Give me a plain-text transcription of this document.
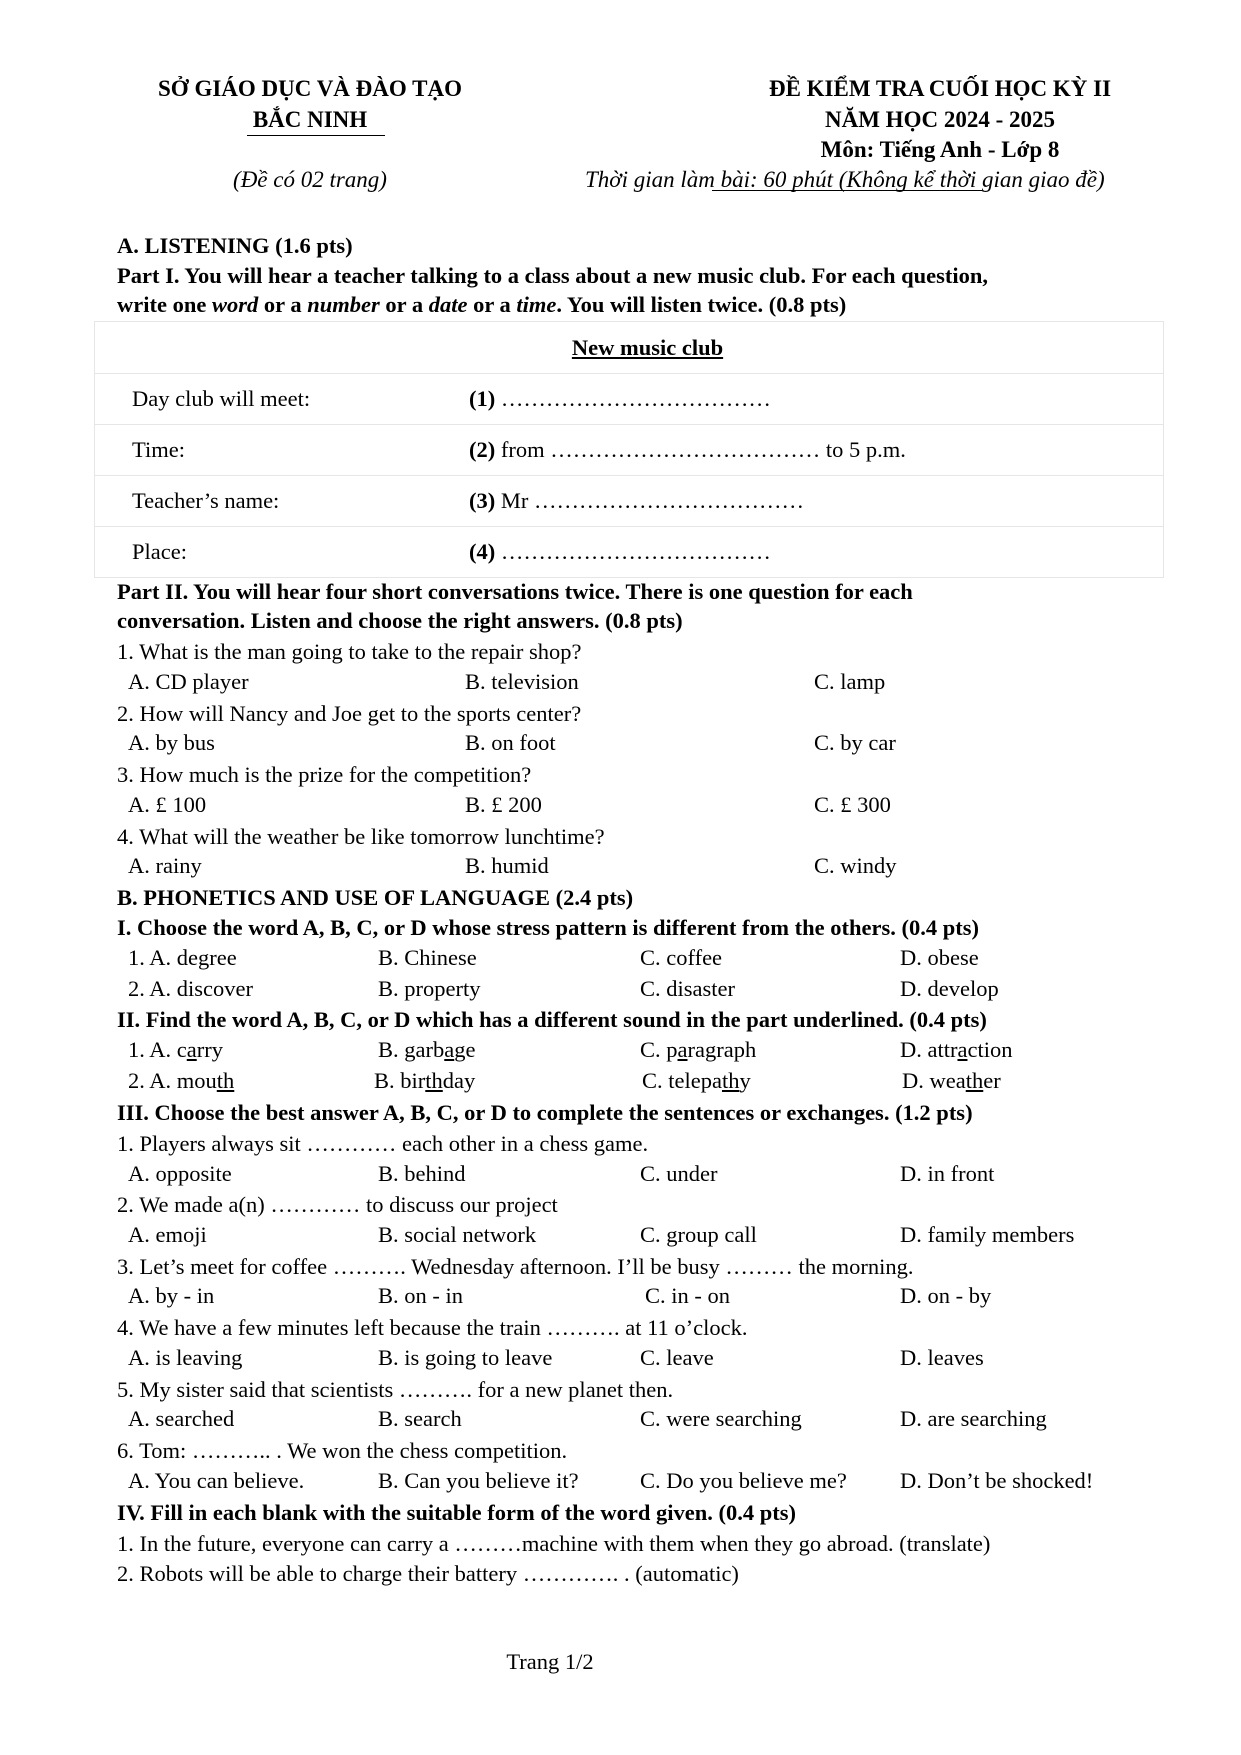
SỞ GIÁO DỤC VÀ ĐÀO TẠO
BẮC NINH
(Đề có 02 trang)
ĐỀ KIỂM TRA CUỐI HỌC KỲ II
NĂM HỌC 2024 - 2025
Môn: Tiếng Anh - Lớp 8
Thời gian làm bài: 60 phút (Không kể thời gian giao đề)
A. LISTENING (1.6 pts)
Part I. You will hear a teacher talking to a class about a new music club. For each question,
write one word or a number or a date or a time. You will listen twice. (0.8 pts)
New music club	
Day club will meet:	(1) ………………………………
Time:	(2) from ……………………………… to 5 p.m.
Teacher’s name:	(3) Mr ………………………………
Place:	(4) ………………………………
Part II. You will hear four short conversations twice. There is one question for each
conversation. Listen and choose the right answers. (0.8 pts)
1. What is the man going to take to the repair shop?
A. CD player	B. television	C. lamp
2. How will Nancy and Joe get to the sports center?
A. by bus	B. on foot	C. by car
3. How much is the prize for the competition?
A. £ 100	B. £ 200	C. £ 300
4. What will the weather be like tomorrow lunchtime?
A. rainy	B. humid	C. windy
B. PHONETICS AND USE OF LANGUAGE (2.4 pts)
I. Choose the word A, B, C, or D whose stress pattern is different from the others. (0.4 pts)
1. A. degree	B. Chinese	C. coffee	D. obese
2. A. discover	B. property	C. disaster	D. develop
II. Find the word A, B, C, or D which has a different sound in the part underlined. (0.4 pts)
1. A. carry	B. garbage	C. paragraph	D. attraction
2. A. mouth	B. birthday	C. telepathy	D. weather
III. Choose the best answer A, B, C, or D to complete the sentences or exchanges. (1.2 pts)
1. Players always sit ………… each other in a chess game.
A. opposite	B. behind	C. under	D. in front
2. We made a(n) ………… to discuss our project
A. emoji	B. social network	C. group call	D. family members
3. Let’s meet for coffee ………. Wednesday afternoon. I’ll be busy ……… the morning.
A. by - in	B. on - in	C. in - on	D. on - by
4. We have a few minutes left because the train ………. at 11 o’clock.
A. is leaving	B. is going to leave	C. leave	D. leaves
5. My sister said that scientists ………. for a new planet then.
A. searched	B. search	C. were searching	D. are searching
6. Tom: ……….. . We won the chess competition.
A. You can believe.	B. Can you believe it?	C. Do you believe me? D. Don’t be shocked!
IV. Fill in each blank with the suitable form of the word given. (0.4 pts)
1. In the future, everyone can carry a ………machine with them when they go abroad. (translate)
2. Robots will be able to charge their battery …………. . (automatic)
Trang 1/2
